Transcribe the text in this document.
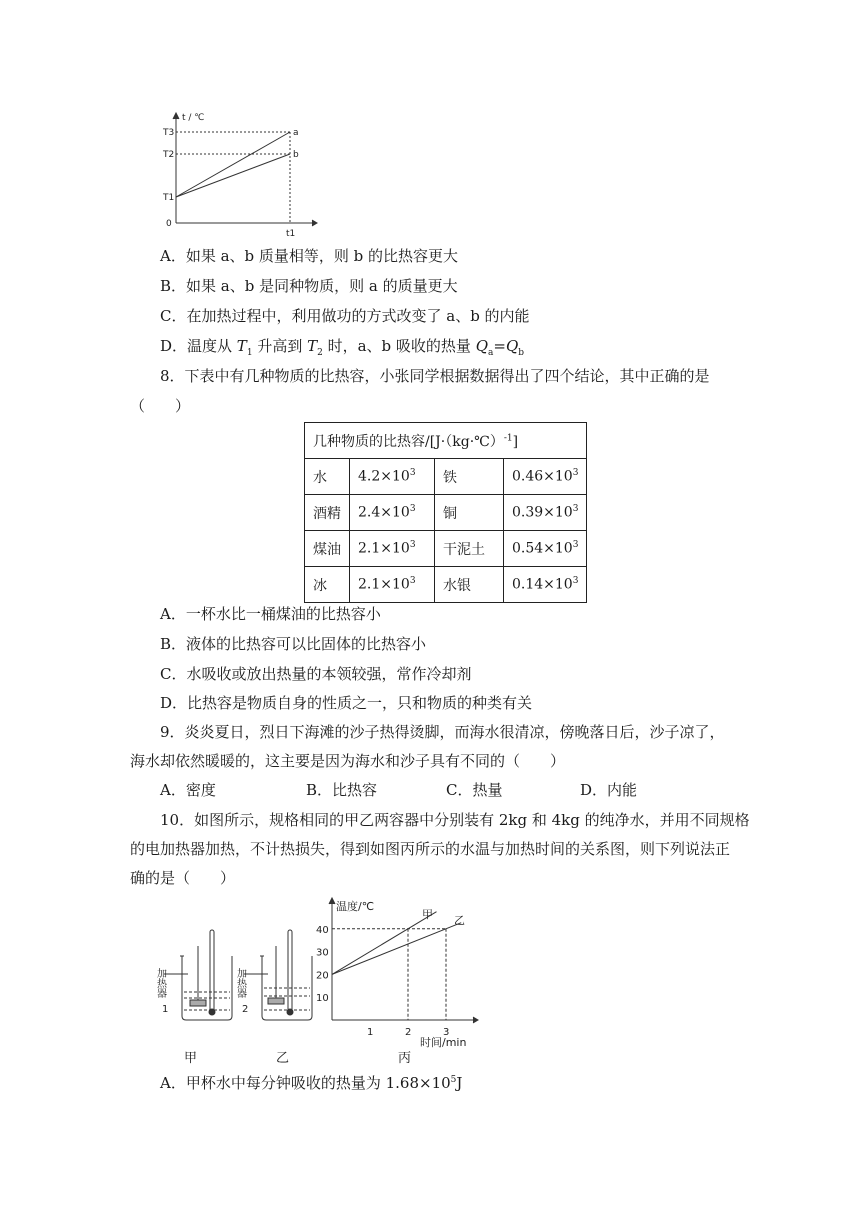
t / ℃
T3
T2
T1
0
t1
a
b
A．如果 a、b 质量相等，则 b 的比热容更大
B．如果 a、b 是同种物质，则 a 的质量更大
C．在加热过程中，利用做功的方式改变了 a、b 的内能
D．温度从 $T_1$ 升高到 $T_2$ 时，a、b 吸收的热量 $Q_a=Q_b$
8．下表中有几种物质的比热容，小张同学根据数据得出了四个结论，其中正确的是
（　　）
几种物质的比热容/[J·（kg·℃）$^{-1}$]			
水	$4.2\times 10^3$	铁	$0.46\times 10^3$
酒精	$2.4\times 10^3$	铜	$0.39\times 10^3$
煤油	$2.1\times 10^3$	干泥土	$0.54\times 10^3$
冰	$2.1\times 10^3$	水银	$0.14\times 10^3$
A．一杯水比一桶煤油的比热容小
B．液体的比热容可以比固体的比热容小
C．水吸收或放出热量的本领较强，常作冷却剂
D．比热容是物质自身的性质之一，只和物质的种类有关
9．炎炎夏日，烈日下海滩的沙子热得烫脚，而海水很清凉，傍晚落日后，沙子凉了，
海水却依然暖暖的，这主要是因为海水和沙子具有不同的（　　）
A．密度	B．比热容	C．热量	D．内能
10．如图所示，规格相同的甲乙两容器中分别装有 2kg 和 4kg 的纯净水，并用不同规格
的电加热器加热，不计热损失，得到如图丙所示的水温与加热时间的关系图，则下列说法正
确的是（　　）
加热器
1
加热器
2
40
30
20
10
1	2	3
温度/℃
时间/min
甲 乙
甲	乙	丙
A．甲杯水中每分钟吸收的热量为 $1.68\times 10^5J$
